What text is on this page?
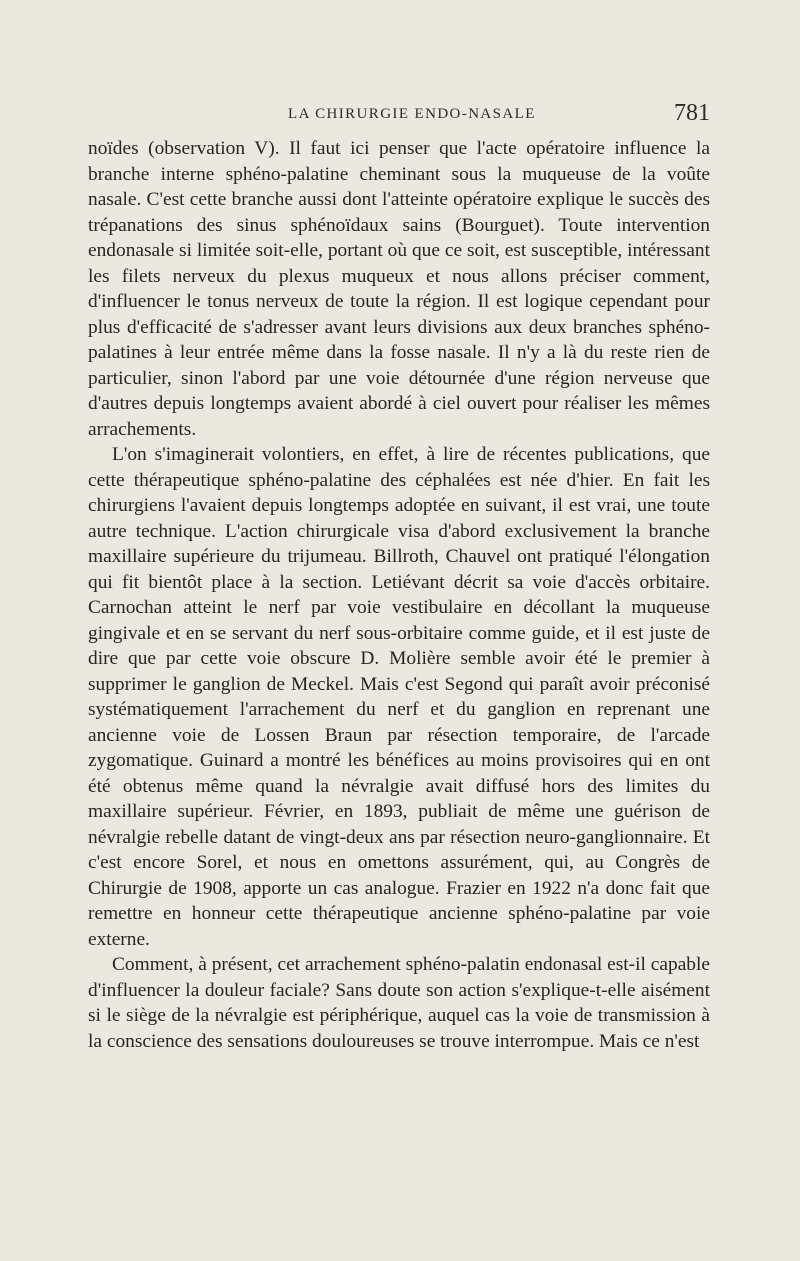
LA CHIRURGIE ENDO-NASALE	781

noïdes (observation V). Il faut ici penser que l'acte opératoire influence la branche interne sphéno-palatine cheminant sous la muqueuse de la voûte nasale. C'est cette branche aussi dont l'atteinte opératoire explique le succès des trépanations des sinus sphénoïdaux sains (Bourguet). Toute intervention endonasale si limitée soit-elle, portant où que ce soit, est susceptible, intéressant les filets nerveux du plexus muqueux et nous allons préciser comment, d'influencer le tonus nerveux de toute la région. Il est logique cependant pour plus d'efficacité de s'adresser avant leurs divisions aux deux branches sphéno-palatines à leur entrée même dans la fosse nasale. Il n'y a là du reste rien de particulier, sinon l'abord par une voie détournée d'une région nerveuse que d'autres depuis longtemps avaient abordé à ciel ouvert pour réaliser les mêmes arrachements.

L'on s'imaginerait volontiers, en effet, à lire de récentes publications, que cette thérapeutique sphéno-palatine des céphalées est née d'hier. En fait les chirurgiens l'avaient depuis longtemps adoptée en suivant, il est vrai, une toute autre technique. L'action chirurgicale visa d'abord exclusivement la branche maxillaire supérieure du trijumeau. Billroth, Chauvel ont pratiqué l'élongation qui fit bientôt place à la section. Letiévant décrit sa voie d'accès orbitaire. Carnochan atteint le nerf par voie vestibulaire en décollant la muqueuse gingivale et en se servant du nerf sous-orbitaire comme guide, et il est juste de dire que par cette voie obscure D. Molière semble avoir été le premier à supprimer le ganglion de Meckel. Mais c'est Segond qui paraît avoir préconisé systématiquement l'arrachement du nerf et du ganglion en reprenant une ancienne voie de Lossen Braun par résection temporaire, de l'arcade zygomatique. Guinard a montré les bénéfices au moins provisoires qui en ont été obtenus même quand la névralgie avait diffusé hors des limites du maxillaire supérieur. Février, en 1893, publiait de même une guérison de névralgie rebelle datant de vingt-deux ans par résection neuro-ganglionnaire. Et c'est encore Sorel, et nous en omettons assurément, qui, au Congrès de Chirurgie de 1908, apporte un cas analogue. Frazier en 1922 n'a donc fait que remettre en honneur cette thérapeutique ancienne sphéno-palatine par voie externe.

Comment, à présent, cet arrachement sphéno-palatin endonasal est-il capable d'influencer la douleur faciale? Sans doute son action s'explique-t-elle aisément si le siège de la névralgie est périphérique, auquel cas la voie de transmission à la conscience des sensations douloureuses se trouve interrompue. Mais ce n'est
